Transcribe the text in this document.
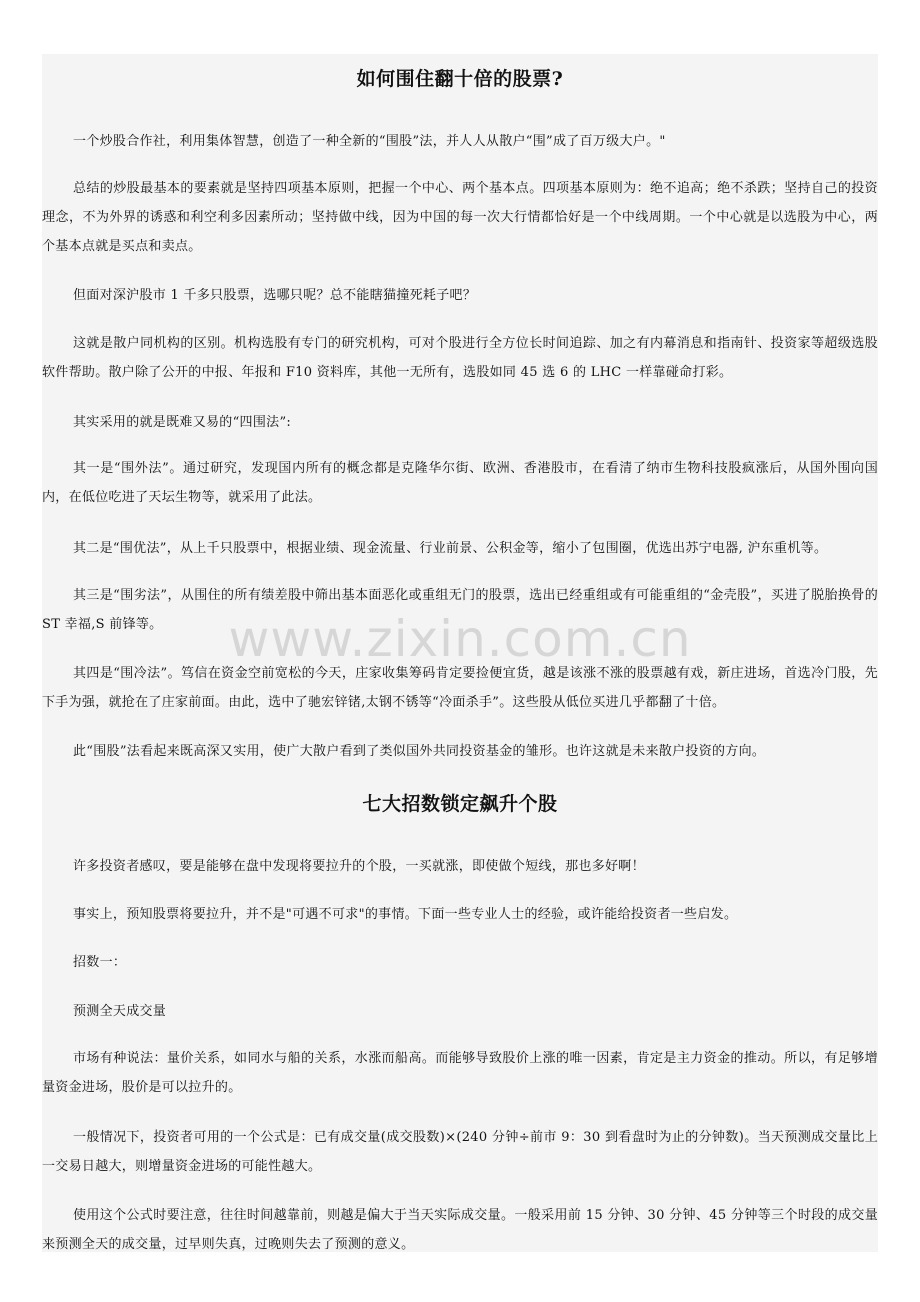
如何围住翻十倍的股票?

一个炒股合作社，利用集体智慧，创造了一种全新的“围股”法，并人人从散户“围”成了百万级大户。"

总结的炒股最基本的要素就是坚持四项基本原则，把握一个中心、两个基本点。四项基本原则为：绝不追高；绝不杀跌；坚持自己的投资理念，不为外界的诱惑和利空利多因素所动；坚持做中线，因为中国的每一次大行情都恰好是一个中线周期。一个中心就是以选股为中心，两个基本点就是买点和卖点。

但面对深沪股市 1 千多只股票，选哪只呢？总不能瞎猫撞死耗子吧？

这就是散户同机构的区别。机构选股有专门的研究机构，可对个股进行全方位长时间追踪、加之有内幕消息和指南针、投资家等超级选股软件帮助。散户除了公开的中报、年报和 F10 资料库，其他一无所有，选股如同 45 选 6 的 LHC 一样靠碰命打彩。

其实采用的就是既难又易的“四围法”:

其一是“围外法”。通过研究，发现国内所有的概念都是克隆华尔街、欧洲、香港股市，在看清了纳市生物科技股疯涨后，从国外围向国内，在低位吃进了天坛生物等，就采用了此法。

其二是“围优法”，从上千只股票中，根据业绩、现金流量、行业前景、公积金等，缩小了包围圈，优选出苏宁电器, 沪东重机等。

其三是“围劣法”，从围住的所有绩差股中筛出基本面恶化或重组无门的股票，选出已经重组或有可能重组的“金壳股”，买进了脱胎换骨的 ST 幸福,S 前锋等。

其四是“围冷法”。笃信在资金空前宽松的今天，庄家收集筹码肯定要捡便宜货，越是该涨不涨的股票越有戏，新庄进场，首选冷门股，先下手为强，就抢在了庄家前面。由此，选中了驰宏锌锗,太钢不锈等“冷面杀手”。这些股从低位买进几乎都翻了十倍。

此“围股”法看起来既高深又实用，使广大散户看到了类似国外共同投资基金的雏形。也许这就是未来散户投资的方向。

七大招数锁定飙升个股

许多投资者感叹，要是能够在盘中发现将要拉升的个股，一买就涨，即使做个短线，那也多好啊！

事实上，预知股票将要拉升，并不是"可遇不可求"的事情。下面一些专业人士的经验，或许能给投资者一些启发。

招数一：

预测全天成交量

市场有种说法：量价关系，如同水与船的关系，水涨而船高。而能够导致股价上涨的唯一因素，肯定是主力资金的推动。所以，有足够增量资金进场，股价是可以拉升的。

一般情况下，投资者可用的一个公式是：已有成交量(成交股数)×(240 分钟÷前市 9：30 到看盘时为止的分钟数)。当天预测成交量比上一交易日越大，则增量资金进场的可能性越大。

使用这个公式时要注意，往往时间越靠前，则越是偏大于当天实际成交量。一般采用前 15 分钟、30 分钟、45 分钟等三个时段的成交量来预测全天的成交量，过早则失真，过晚则失去了预测的意义。

www.zixin.com.cn
